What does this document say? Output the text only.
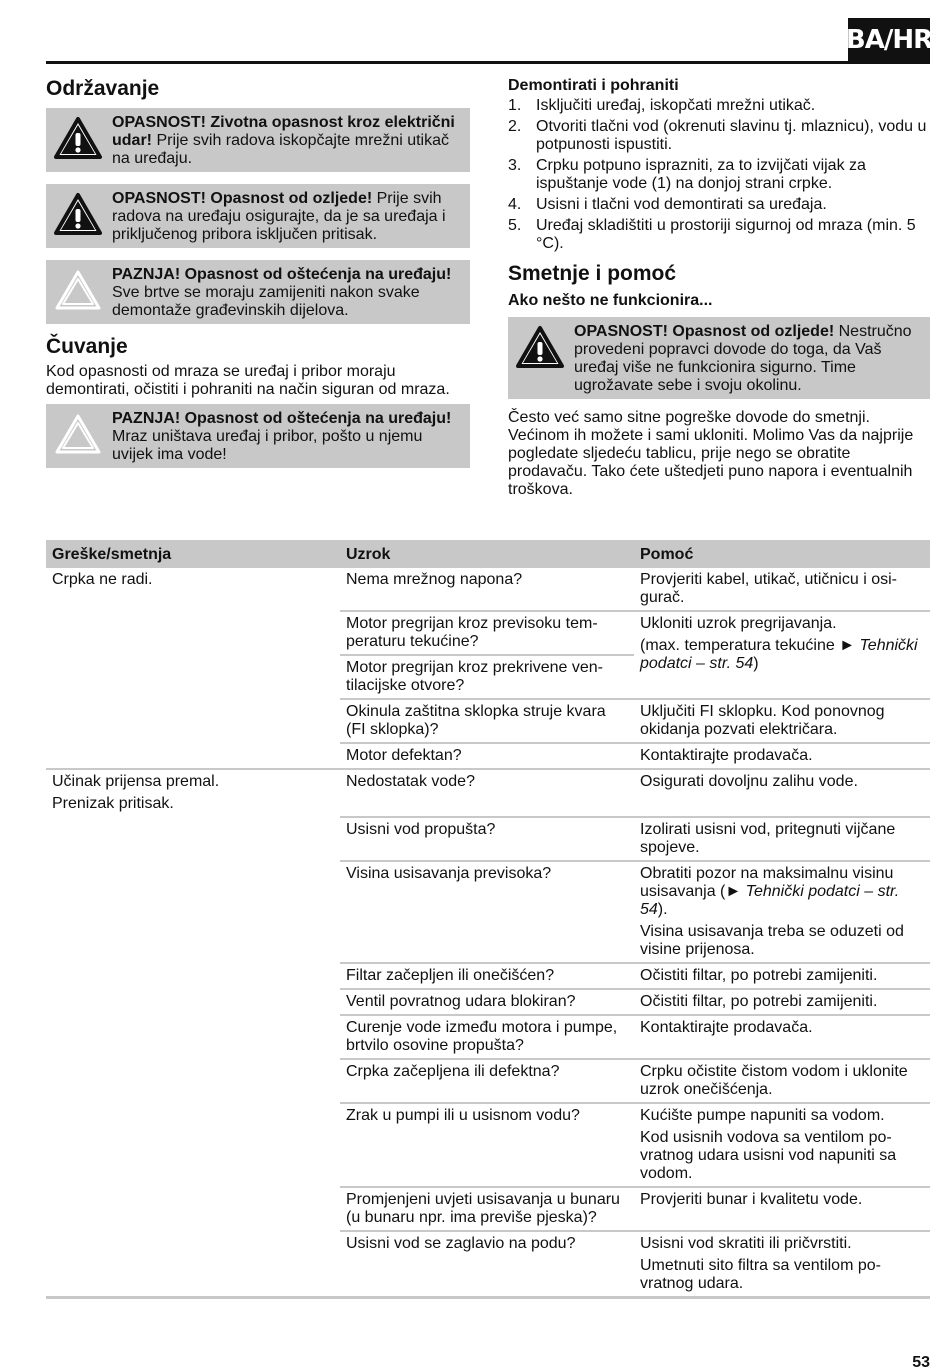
BA/HR
Održavanje
OPASNOST! Zivotna opasnost kroz električni udar! Prije svih radova iskopčajte mrežni utikač na uređaju.
OPASNOST! Opasnost od ozljede! Prije svih radova na uređaju osigurajte, da je sa uređaja i priključenog pribora isključen pritisak.
PAZNJA! Opasnost od oštećenja na uređaju! Sve brtve se moraju zamijeniti nakon svake demontaže građevinskih dijelova.
Čuvanje

Kod opasnosti od mraza se uređaj i pribor moraju demontirati, očistiti i pohraniti na način siguran od mraza.

PAZNJA! Opasnost od oštećenja na uređaju! Mraz uništava uređaj i pribor, pošto u njemu uvijek ima vode!
Demontirati i pohraniti
1. Isključiti uređaj, iskopčati mrežni utikač.
2. Otvoriti tlačni vod (okrenuti slavinu tj. mlaznicu), vodu u potpunosti ispustiti.
3. Crpku potpuno isprazniti, za to izvijčati vijak za ispuštanje vode (1) na donjoj strani crpke.
4. Usisni i tlačni vod demontirati sa uređaja.
5. Uređaj skladištiti u prostoriji sigurnoj od mraza (min. 5 °C).
Smetnje i pomoć
Ako nešto ne funkcionira...
OPASNOST! Opasnost od ozljede! Nestručno provedeni popravci dovode do toga, da Vaš uređaj više ne funkcionira sigurno. Time ugrožavate sebe i svoju okolinu.

Često već samo sitne pogreške dovode do smetnji. Većinom ih možete i sami ukloniti. Molimo Vas da najprije pogledate sljedeću tablicu, prije nego se obratite prodavaču. Tako ćete uštedjeti puno napora i eventualnih troškova.

Greške/smetnja	Uzrok	Pomoć

Crpka ne radi.	Nema mrežnog napona?	Provjeriti kabel, utikač, utičnicu i osigurač.

	Motor pregrijan kroz previsoku temperaturu tekućine?	Ukloniti uzrok pregrijavanja.

(max. temperatura tekućine ► Tehnički podatci – str. 54)

	Motor pregrijan kroz prekrivene ventilacijske otvore?	
	Okinula zaštitna sklopka struje kvara (FI sklopka)?	Uključiti FI sklopku. Kod ponovnog okidanja pozvati električara.

	Motor defektan?	Kontaktirajte prodavača.

Učinak prijensa premal.

Prenizak pritisak.	Nedostatak vode?	Osigurati dovoljnu zalihu vode.

	Usisni vod propušta?	Izolirati usisni vod, pritegnuti vijčane spojeve.

	Visina usisavanja previsoka?	Obratiti pozor na maksimalnu visinu usisavanja (► Tehnički podatci – str. 54).

Visina usisavanja treba se oduzeti od visine prijenosa.

	Filtar začepljen ili onečišćen?	Očistiti filtar, po potrebi zamijeniti.

	Ventil povratnog udara blokiran?	Očistiti filtar, po potrebi zamijeniti.

	Curenje vode između motora i pumpe, brtvilo osovine propušta?	Kontaktirajte prodavača.

	Crpka začepljena ili defektna?	Crpku očistite čistom vodom i uklonite uzrok onečišćenja.

	Zrak u pumpi ili u usisnom vodu?	Kućište pumpe napuniti sa vodom.

Kod usisnih vodova sa ventilom povratnog udara usisni vod napuniti sa vodom.

	Promjenjeni uvjeti usisavanja u bunaru (u bunaru npr. ima previše pjeska)?	Provjeriti bunar i kvalitetu vode.

	Usisni vod se zaglavio na podu?	Usisni vod skratiti ili pričvrstiti.

Umetnuti sito filtra sa ventilom povratnog udara.

53
